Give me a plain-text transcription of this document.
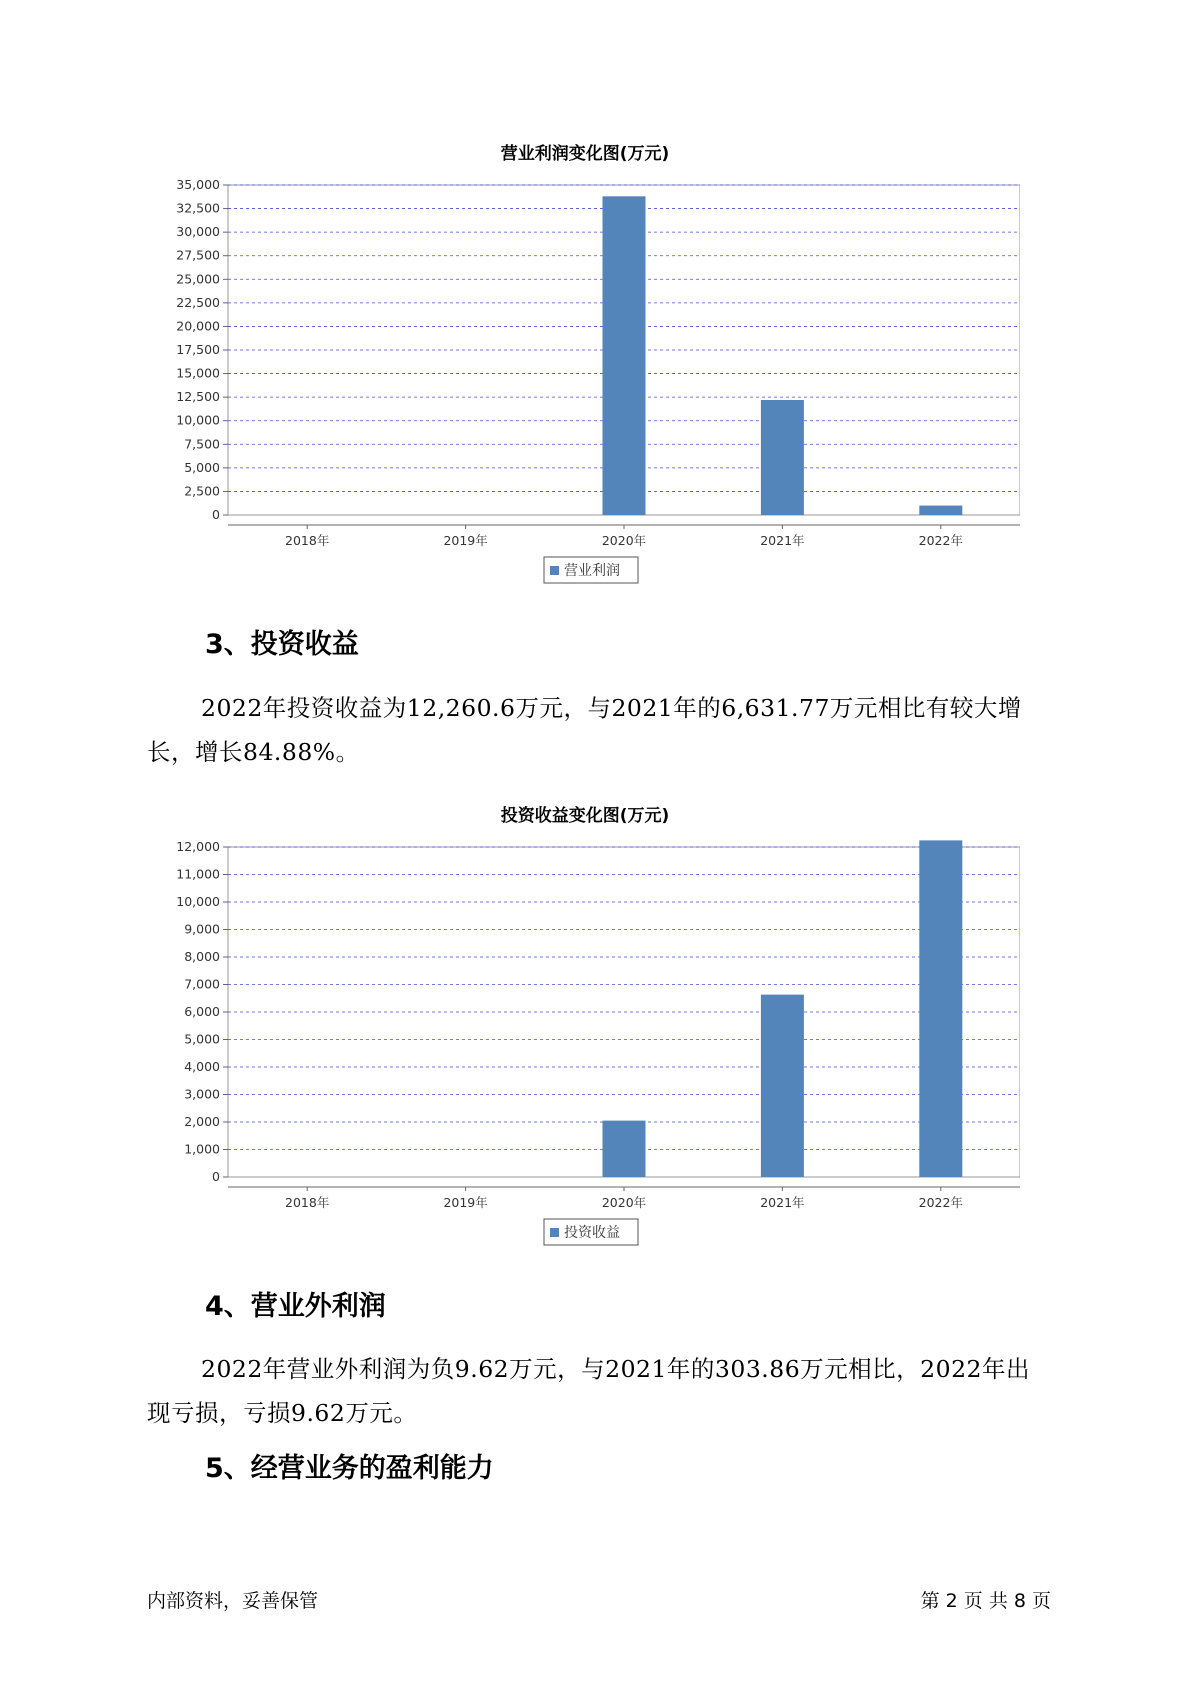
营业利润变化图(万元)
0
2,500
5,000
7,500
10,000
12,500
15,000
17,500
20,000
22,500
25,000
27,500
30,000
32,500
35,000
2018年	2019年	2020年	2021年	2022年
营业利润
3、投资收益

2022年投资收益为12,260.6万元，与2021年的6,631.77万元相比有较大增长，增长84.88%。

投资收益变化图(万元)
0
1,000
2,000
3,000
4,000
5,000
6,000
7,000
8,000
9,000
10,000
11,000
12,000
2018年	2019年	2020年	2021年	2022年
投资收益
4、营业外利润

2022年营业外利润为负9.62万元，与2021年的303.86万元相比，2022年出现亏损，亏损9.62万元。

5、经营业务的盈利能力
内部资料，妥善保管	第 2 页 共 8 页
